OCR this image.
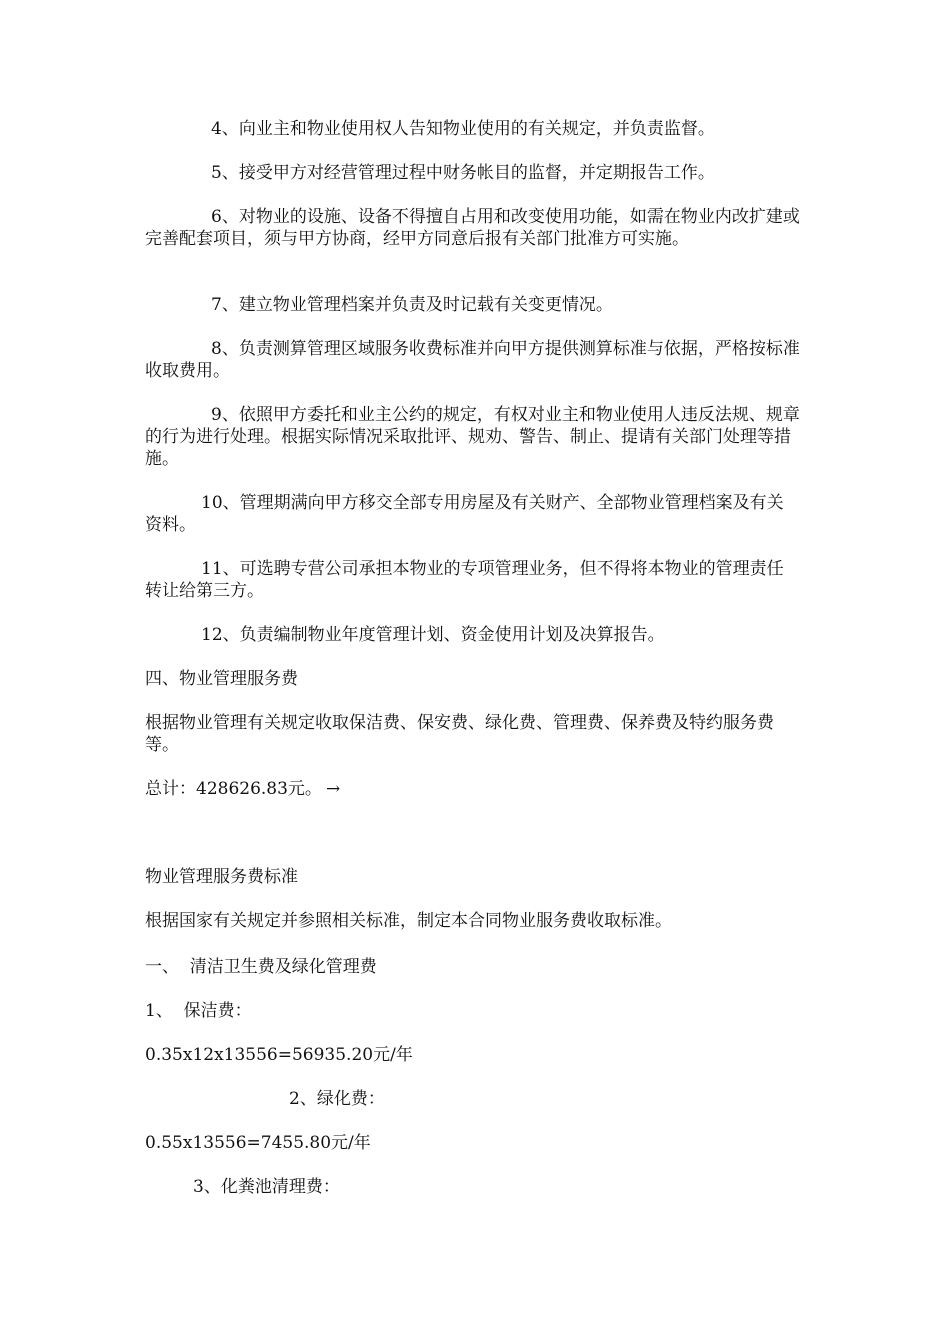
4、向业主和物业使用权人告知物业使用的有关规定，并负责监督。

5、接受甲方对经营管理过程中财务帐目的监督，并定期报告工作。

6、对物业的设施、设备不得擅自占用和改变使用功能，如需在物业内改扩建或完善配套项目，须与甲方协商，经甲方同意后报有关部门批准方可实施。

7、建立物业管理档案并负责及时记载有关变更情况。

8、负责测算管理区域服务收费标准并向甲方提供测算标准与依据，严格按标准收取费用。

9、依照甲方委托和业主公约的规定，有权对业主和物业使用人违反法规、规章的行为进行处理。根据实际情况采取批评、规劝、警告、制止、提请有关部门处理等措施。

10、管理期满向甲方移交全部专用房屋及有关财产、全部物业管理档案及有关资料。

11、可选聘专营公司承担本物业的专项管理业务，但不得将本物业的管理责任转让给第三方。

12、负责编制物业年度管理计划、资金使用计划及决算报告。

四、物业管理服务费

根据物业管理有关规定收取保洁费、保安费、绿化费、管理费、保养费及特约服务费等。

总计：428626.83元。 →

物业管理服务费标准

根据国家有关规定并参照相关标准，制定本合同物业服务费收取标准。

一、  清洁卫生费及绿化管理费

1、  保洁费：

0.35x12x13556=56935.20元/年

2、绿化费：

0.55x13556=7455.80元/年

3、化粪池清理费：
